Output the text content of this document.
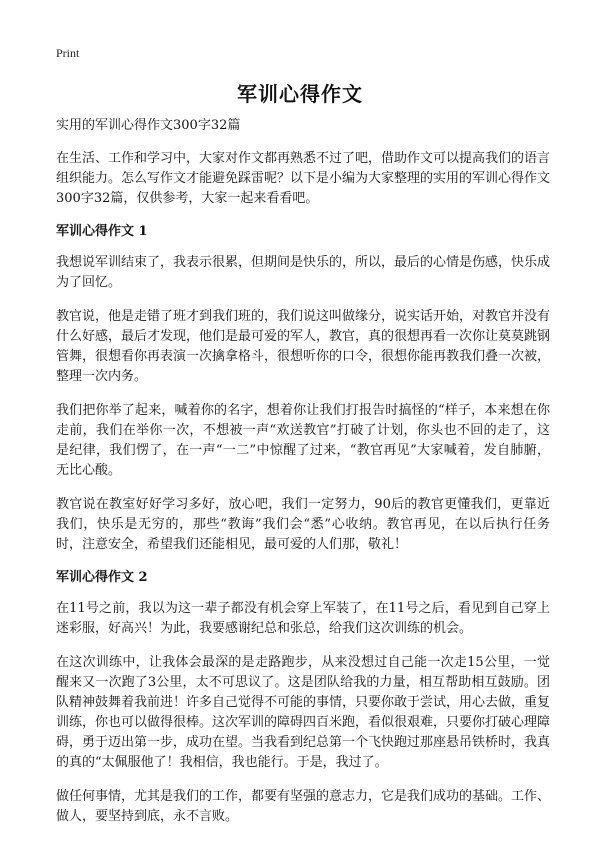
Print
军训心得作文

实用的军训心得作文300字32篇

在生活、工作和学习中，大家对作文都再熟悉不过了吧，借助作文可以提高我们的语言组织能力。怎么写作文才能避免踩雷呢？以下是小编为大家整理的实用的军训心得作文300字32篇，仅供参考，大家一起来看看吧。

军训心得作文 1

我想说军训结束了，我表示很累，但期间是快乐的，所以，最后的心情是伤感，快乐成为了回忆。

教官说，他是走错了班才到我们班的，我们说这叫做缘分，说实话开始，对教官并没有什么好感，最后才发现，他们是最可爱的军人，教官，真的很想再看一次你让莫莫跳钢管舞，很想看你再表演一次擒拿格斗，很想听你的口令，很想你能再教我们叠一次被，整理一次内务。

我们把你举了起来，喊着你的名字，想着你让我们打报告时搞怪的“样子，本来想在你走前，我们在举你一次，不想被一声“欢送教官”打破了计划，你头也不回的走了，这是纪律，我们愣了，在一声“一二”中惊醒了过来，“教官再见”大家喊着，发自肺腑，无比心酸。

教官说在教室好好学习多好，放心吧，我们一定努力，90后的教官更懂我们，更靠近我们，快乐是无穷的，那些“教诲”我们会“悉”心收纳。教官再见，在以后执行任务时，注意安全，希望我们还能相见，最可爱的人们那，敬礼！

军训心得作文 2

在11号之前，我以为这一辈子都没有机会穿上军装了，在11号之后，看见到自己穿上迷彩服，好高兴！为此，我要感谢纪总和张总，给我们这次训练的机会。

在这次训练中，让我体会最深的是走路跑步，从来没想过自己能一次走15公里，一觉醒来又一次跑了3公里，太不可思议了。这是团队给我的力量，相互帮助相互鼓励。团队精神鼓舞着我前进！许多自己觉得不可能的事情，只要你敢于尝试，用心去做，重复训练，你也可以做得很棒。这次军训的障碍四百米跑，看似很艰难，只要你打破心理障碍，勇于迈出第一步，成功在望。当我看到纪总第一个飞快跑过那座悬吊铁桥时，我真的真的“太佩服他了！我相信，我也能行。于是，我过了。

做任何事情，尤其是我们的工作，都要有坚强的意志力，它是我们成功的基础。工作、做人，要坚持到底，永不言败。
